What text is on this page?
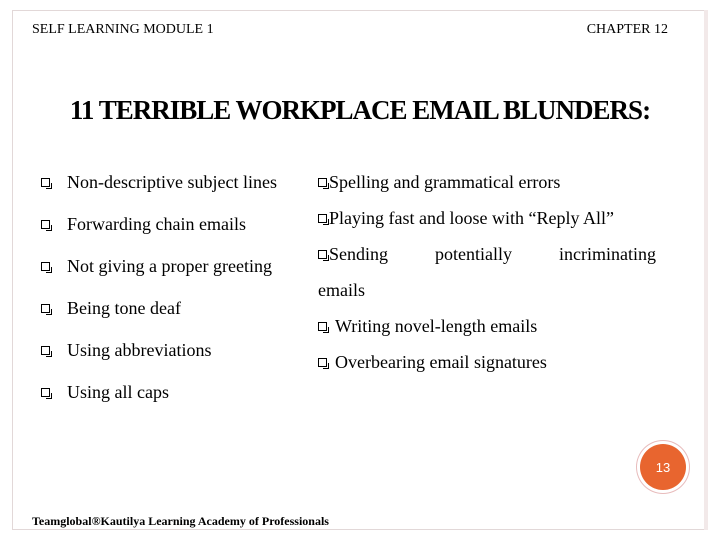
SELF LEARNING MODULE 1	CHAPTER 12
11 TERRIBLE WORKPLACE EMAIL BLUNDERS:
Non-descriptive subject lines
Forwarding chain emails
Not giving a proper greeting
Being tone deaf
Using abbreviations
Using all caps
Spelling and grammatical errors
Playing fast and loose with “Reply All”
Sending	potentially	incriminating
emails
Writing novel-length emails
Overbearing email signatures
13
Teamglobal®Kautilya Learning Academy of Professionals
